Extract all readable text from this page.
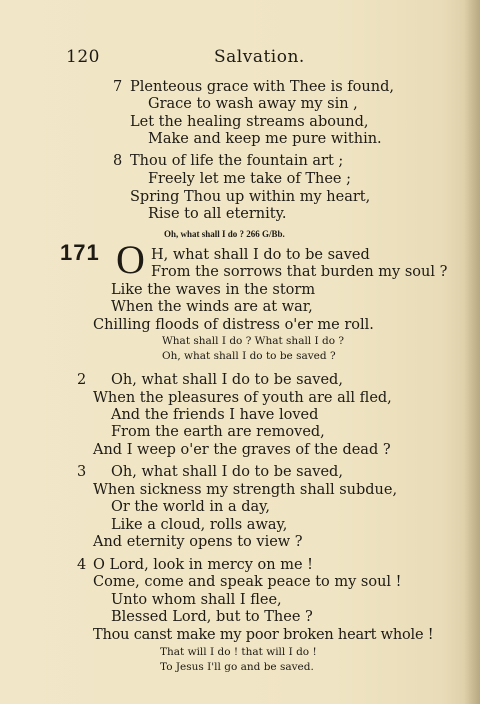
120	Salvation.
7 Plenteous grace with Thee is found,
Grace to wash away my sin ,
Let the healing streams abound,
Make and keep me pure within.
8 Thou of life the fountain art ;
Freely let me take of Thee ;
Spring Thou up within my heart,
Rise to all eternity.
Oh, what shall I do ? 266 G/Bb.
171 O H, what shall I do to be saved
From the sorrows that burden my soul ?
Like the waves in the storm
When the winds are at war,
Chilling floods of distress o'er me roll.
What shall I do ? What shall I do ?
Oh, what shall I do to be saved ?
2 Oh, what shall I do to be saved,
When the pleasures of youth are all fled,
And the friends I have loved
From the earth are removed,
And I weep o'er the graves of the dead ?
3 Oh, what shall I do to be saved,
When sickness my strength shall subdue,
Or the world in a day,
Like a cloud, rolls away,
And eternity opens to view ?
4 O Lord, look in mercy on me !
Come, come and speak peace to my soul !
Unto whom shall I flee,
Blessed Lord, but to Thee ?
Thou canst make my poor broken heart whole !
That will I do ! that will I do !
To Jesus I'll go and be saved.
